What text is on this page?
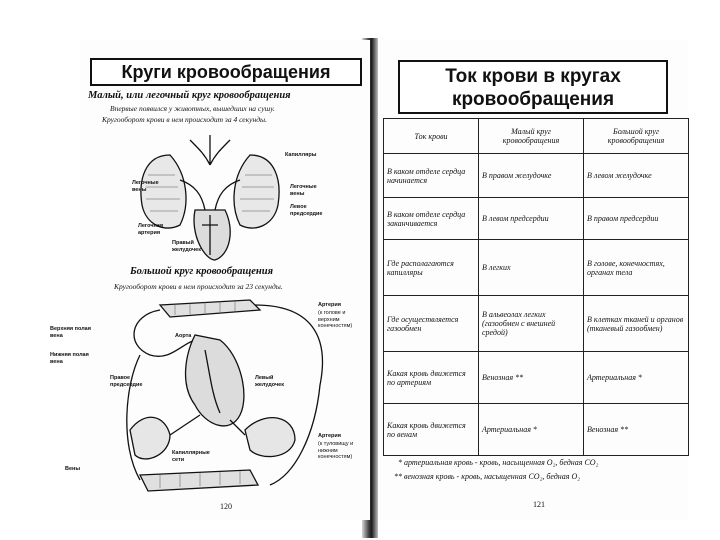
Круги кровообращения
Малый, или легочный круг кровообращения
Впервые появился у животных, вышедших на сушу.
Кругооборот крови в нем происходит за 4 секунды.
Капилляры
Легочные вены	Легочные вены
Левое предсердие
Легочная артерия
Правый желудочек
Большой круг кровообращения
Кругооборот крови в нем происходит за 23 секунды.
Артерия
(к голове и верхним конечностям)
Верхняя полая вена	Аорта
Нижняя полая вена
Правое предсердие
Левый желудочек
Капиллярные сети
Вены
Артерия
(к туловищу и нижним конечностям)
120
Ток крови в кругах кровообращения
Ток крови	Малый круг кровообращения	Большой круг кровообращения
В каком отделе сердца начинается	В правом желудочке	В левом желудочке
В каком отделе сердца заканчивается	В левом предсердии	В правом предсердии
Где располагаются капилляры	В легких	В голове, конечностях, органах тела
Где осуществляется газообмен	В альвеолах легких (газообмен с внешней средой)	В клетках тканей и органов (тканевый газообмен)
Какая кровь движется по артериям	Венозная **	Артериальная *
Какая кровь движется по венам	Артериальная *	Венозная **
* артериальная кровь - кровь, насыщенная O₂, бедная CO₂
** венозная кровь - кровь, насыщенная CO₂, бедная O₂
121
